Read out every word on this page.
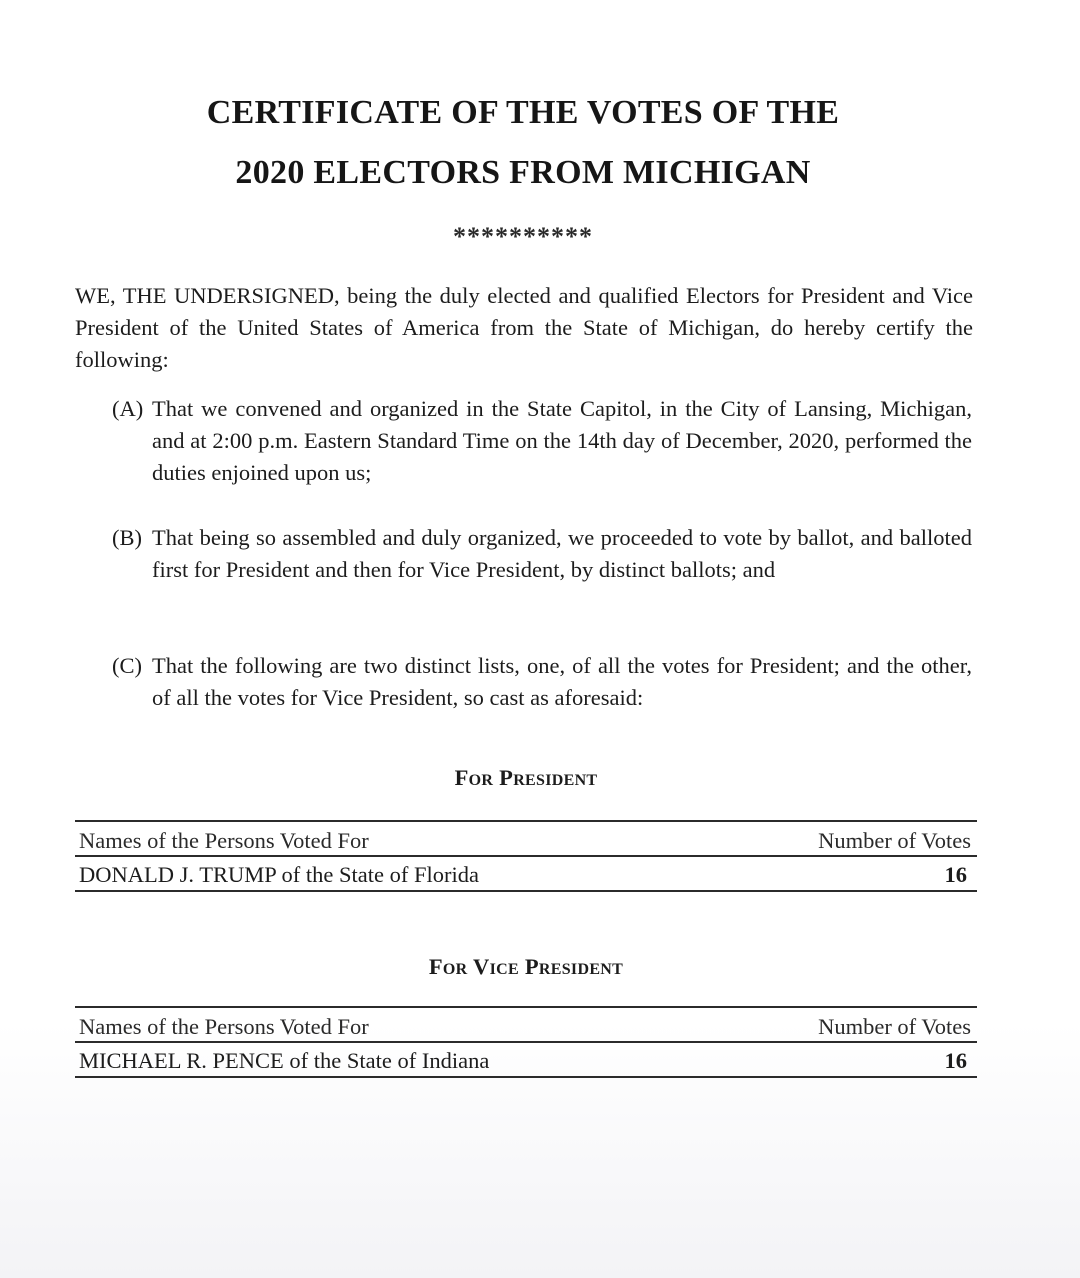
CERTIFICATE OF THE VOTES OF THE
2020 ELECTORS FROM MICHIGAN
**********
WE, THE UNDERSIGNED, being the duly elected and qualified Electors for President and Vice President of the United States of America from the State of Michigan, do hereby certify the following:
(A) That we convened and organized in the State Capitol, in the City of Lansing, Michigan, and at 2:00 p.m. Eastern Standard Time on the 14th day of December, 2020, performed the duties enjoined upon us;
(B) That being so assembled and duly organized, we proceeded to vote by ballot, and balloted first for President and then for Vice President, by distinct ballots; and
(C) That the following are two distinct lists, one, of all the votes for President; and the other, of all the votes for Vice President, so cast as aforesaid:
For President
Names of the Persons Voted For	Number of Votes
DONALD J. TRUMP of the State of Florida	16
For Vice President
Names of the Persons Voted For	Number of Votes
MICHAEL R. PENCE of the State of Indiana	16
